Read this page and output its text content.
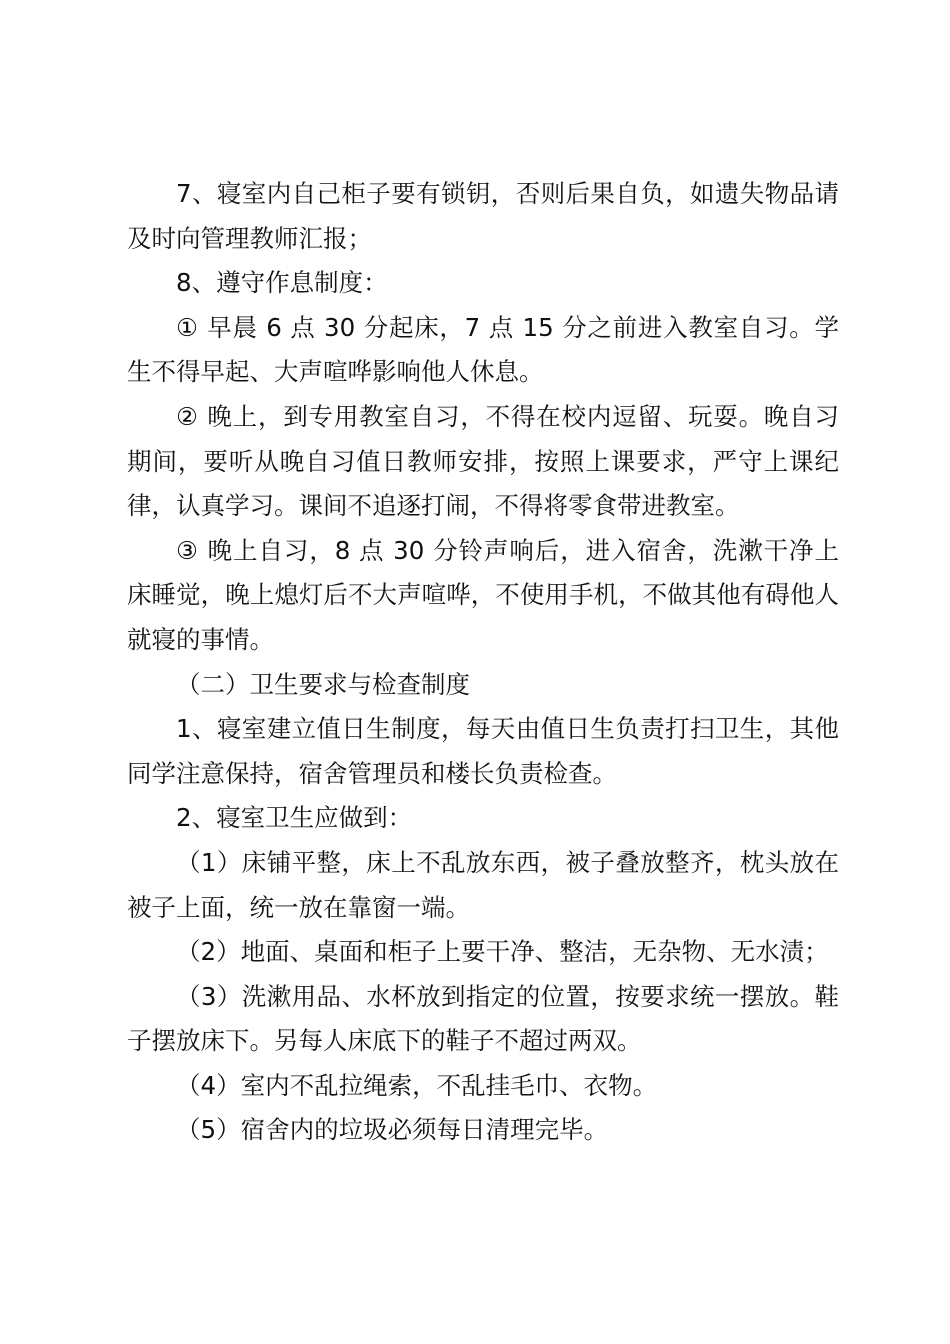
7、寝室内自己柜子要有锁钥，否则后果自负，如遗失物品请及时向管理教师汇报；

8、遵守作息制度：

① 早晨 6 点 30 分起床，7 点 15 分之前进入教室自习。学生不得早起、大声喧哗影响他人休息。

② 晚上，到专用教室自习，不得在校内逗留、玩耍。晚自习期间，要听从晚自习值日教师安排，按照上课要求，严守上课纪律，认真学习。课间不追逐打闹，不得将零食带进教室。

③ 晚上自习，8 点 30 分铃声响后，进入宿舍，洗漱干净上床睡觉，晚上熄灯后不大声喧哗，不使用手机，不做其他有碍他人就寝的事情。

（二）卫生要求与检查制度

1、寝室建立值日生制度，每天由值日生负责打扫卫生，其他同学注意保持，宿舍管理员和楼长负责检查。

2、寝室卫生应做到：

（1）床铺平整，床上不乱放东西，被子叠放整齐，枕头放在被子上面，统一放在靠窗一端。

（2）地面、桌面和柜子上要干净、整洁，无杂物、无水渍；

（3）洗漱用品、水杯放到指定的位置，按要求统一摆放。鞋子摆放床下。另每人床底下的鞋子不超过两双。

（4）室内不乱拉绳索，不乱挂毛巾、衣物。

（5）宿舍内的垃圾必须每日清理完毕。
